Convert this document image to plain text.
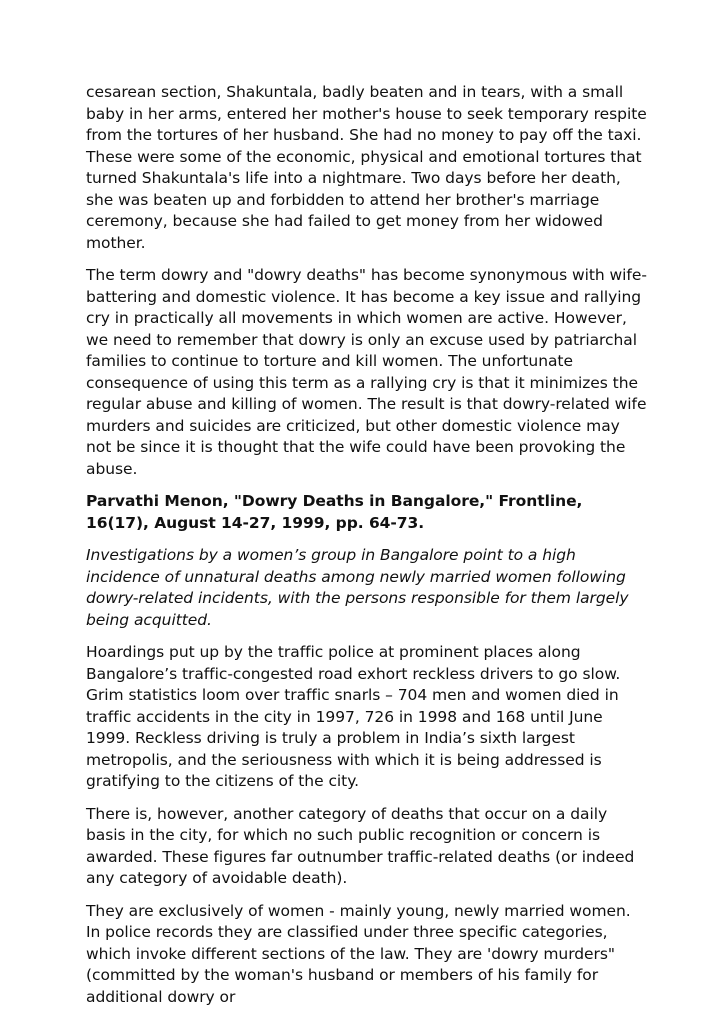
cesarean section, Shakuntala, badly beaten and in tears, with a small baby in her arms, entered her mother's house to seek temporary respite from the tortures of her husband. She had no money to pay off the taxi. These were some of the economic, physical and emotional tortures that turned Shakuntala's life into a nightmare. Two days before her death, she was beaten up and forbidden to attend her brother's marriage ceremony, because she had failed to get money from her widowed mother.

The term dowry and "dowry deaths" has become synonymous with wife-battering and domestic violence. It has become a key issue and rallying cry in practically all movements in which women are active. However, we need to remember that dowry is only an excuse used by patriarchal families to continue to torture and kill women. The unfortunate consequence of using this term as a rallying cry is that it minimizes the regular abuse and killing of women. The result is that dowry-related wife murders and suicides are criticized, but other domestic violence may not be since it is thought that the wife could have been provoking the abuse.

Parvathi Menon, "Dowry Deaths in Bangalore," Frontline, 16(17), August 14-27, 1999, pp. 64-73.

Investigations by a women’s group in Bangalore point to a high incidence of unnatural deaths among newly married women following dowry-related incidents, with the persons responsible for them largely being acquitted.

Hoardings put up by the traffic police at prominent places along Bangalore’s traffic-congested road exhort reckless drivers to go slow. Grim statistics loom over traffic snarls – 704 men and women died in traffic accidents in the city in 1997, 726 in 1998 and 168 until June 1999. Reckless driving is truly a problem in India’s sixth largest metropolis, and the seriousness with which it is being addressed is gratifying to the citizens of the city.

There is, however, another category of deaths that occur on a daily basis in the city, for which no such public recognition or concern is awarded. These figures far outnumber traffic-related deaths (or indeed any category of avoidable death).

They are exclusively of women - mainly young, newly married women. In police records they are classified under three specific categories, which invoke different sections of the law. They are 'dowry murders" (committed by the woman's husband or members of his family for additional dowry or
